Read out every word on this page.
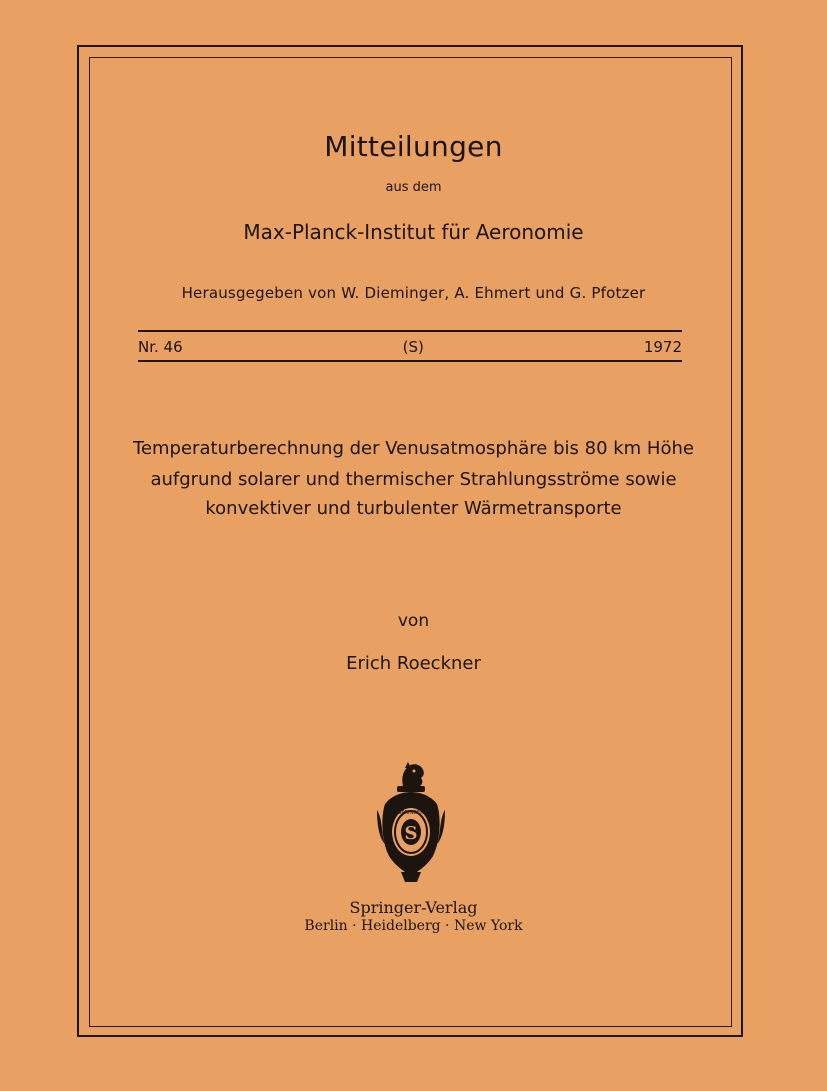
Mitteilungen
aus dem
Max-Planck-Institut für Aeronomie
Herausgegeben von W. Dieminger, A. Ehmert und G. Pfotzer
Nr. 46	(S)	1972
Temperaturberechnung der Venusatmosphäre bis 80 km Höhe
aufgrund solarer und thermischer Strahlungsströme sowie
konvektiver und turbulenter Wärmetransporte
von
Erich Roeckner
S
SPRINGER
Springer-Verlag
Berlin · Heidelberg · New York
